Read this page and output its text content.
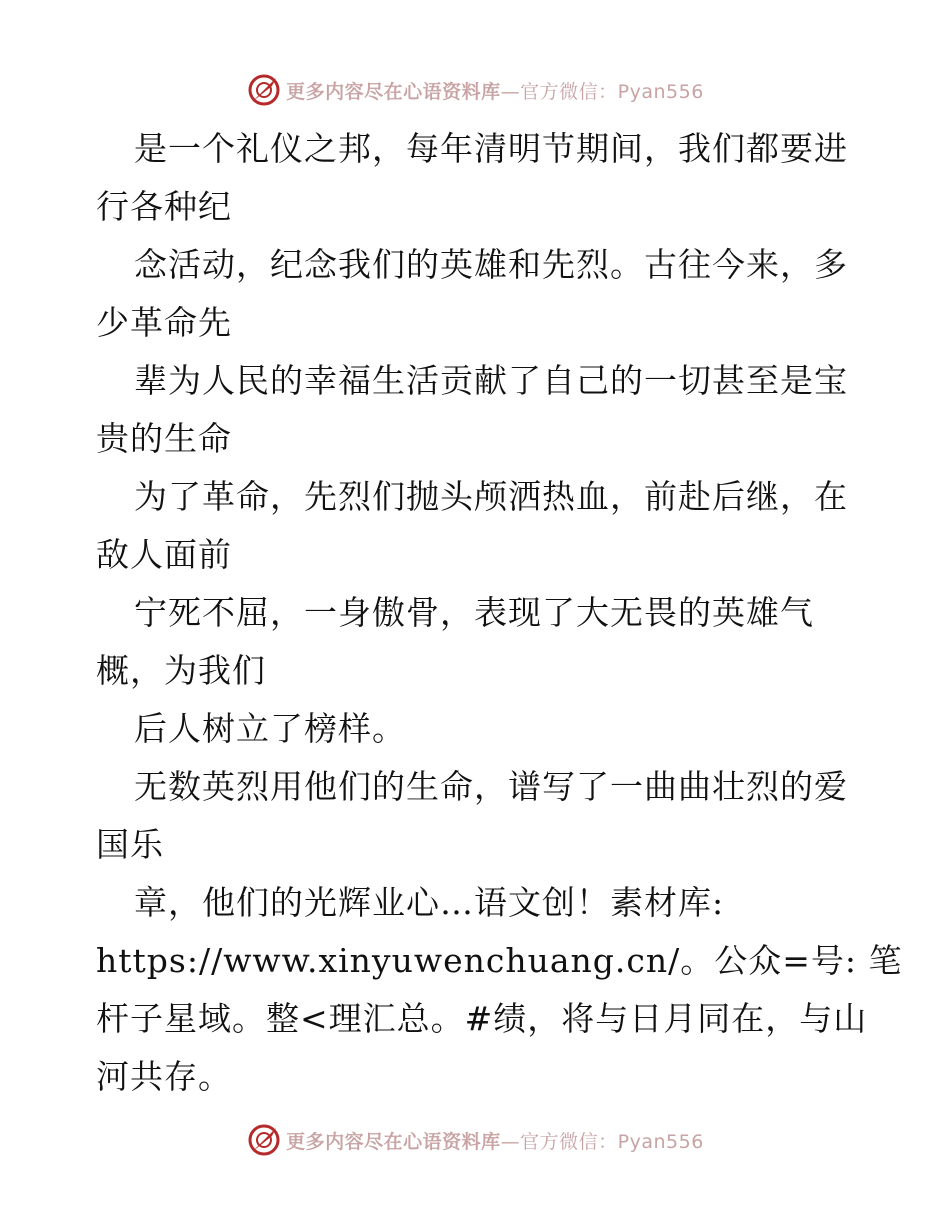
更多内容尽在心语资料库—官方微信：Pyan556
是一个礼仪之邦，每年清明节期间，我们都要进
行各种纪
念活动，纪念我们的英雄和先烈。古往今来，多
少革命先
辈为人民的幸福生活贡献了自己的一切甚至是宝
贵的生命
为了革命，先烈们抛头颅洒热血，前赴后继，在
敌人面前
宁死不屈，一身傲骨，表现了大无畏的英雄气
概，为我们
后人树立了榜样。
无数英烈用他们的生命，谱写了一曲曲壮烈的爱
国乐
章，他们的光辉业心…语文创！素材库:
https://www.xinyuwenchuang.cn/。公众=号: 笔
杆子星域。整<理汇总。#绩，将与日月同在，与山
河共存。
更多内容尽在心语资料库—官方微信：Pyan556
